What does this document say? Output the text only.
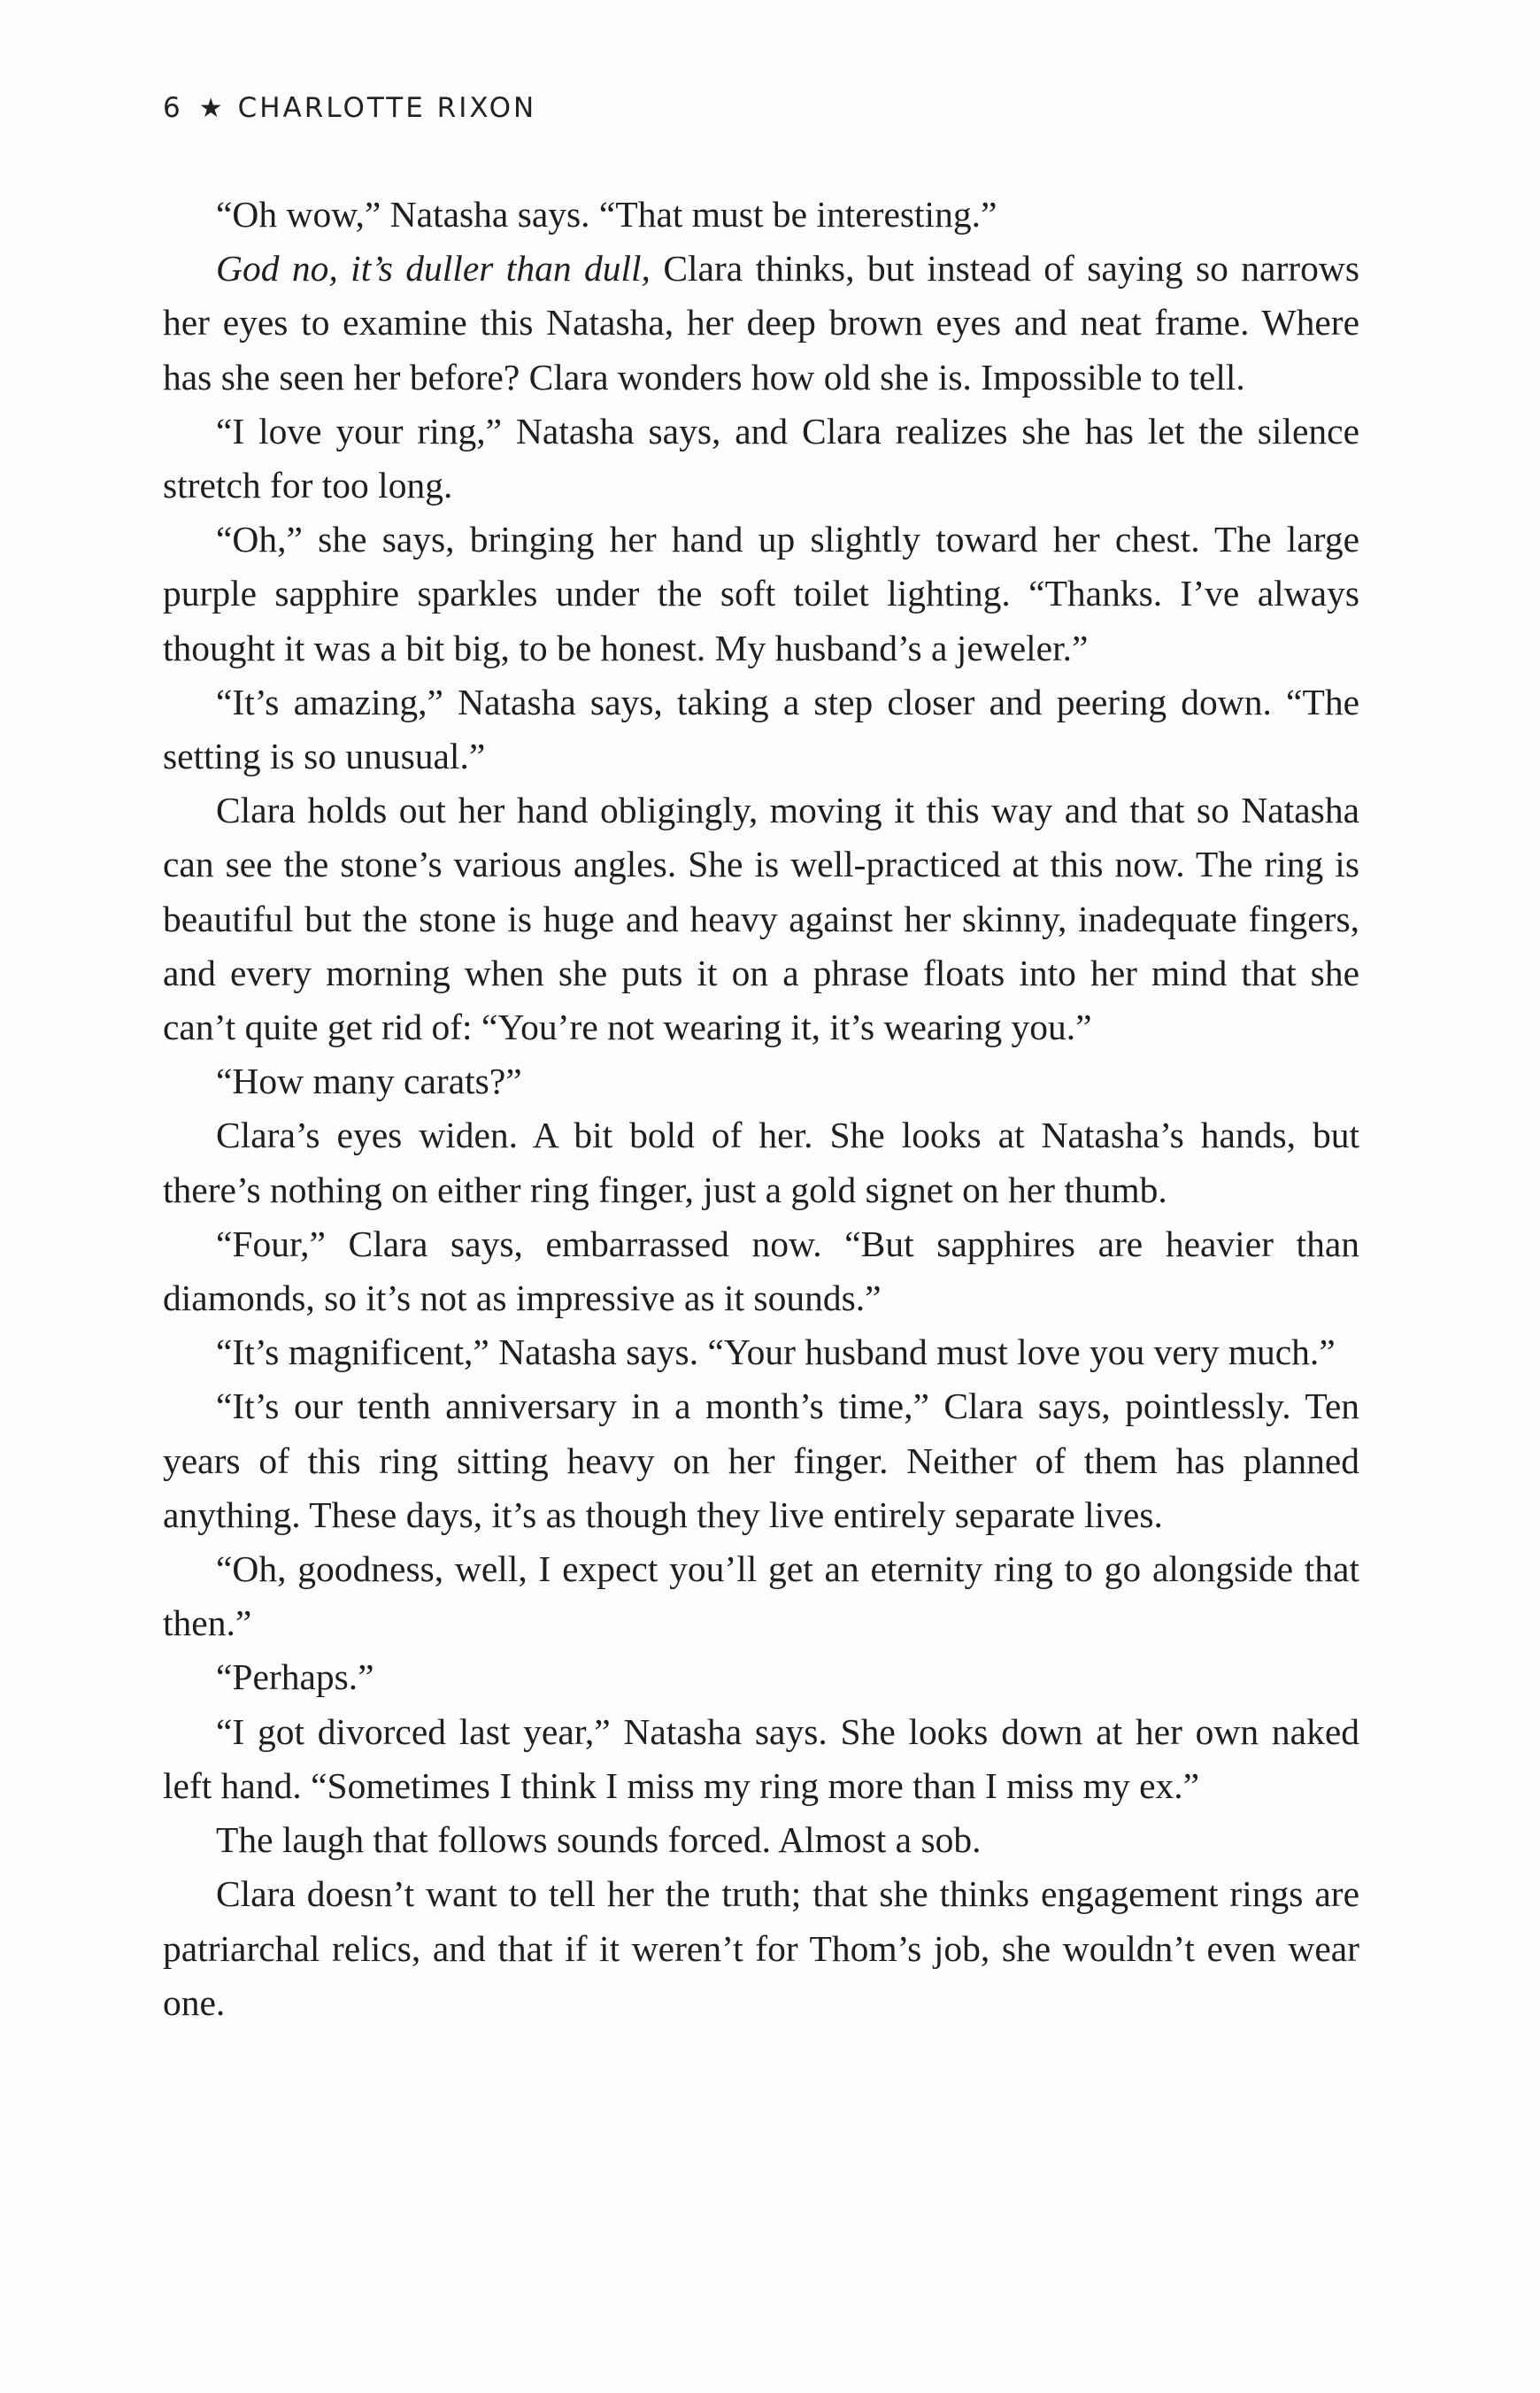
6 ★ CHARLOTTE RIXON

“Oh wow,” Natasha says. “That must be interesting.”

God no, it’s duller than dull, Clara thinks, but instead of saying so narrows her eyes to examine this Natasha, her deep brown eyes and neat frame. Where has she seen her before? Clara wonders how old she is. Impossible to tell.

“I love your ring,” Natasha says, and Clara realizes she has let the silence stretch for too long.

“Oh,” she says, bringing her hand up slightly toward her chest. The large purple sapphire sparkles under the soft toilet lighting. “Thanks. I’ve always thought it was a bit big, to be honest. My husband’s a jeweler.”

“It’s amazing,” Natasha says, taking a step closer and peering down. “The setting is so unusual.”

Clara holds out her hand obligingly, moving it this way and that so Natasha can see the stone’s various angles. She is well-practiced at this now. The ring is beautiful but the stone is huge and heavy against her skinny, inadequate fingers, and every morning when she puts it on a phrase floats into her mind that she can’t quite get rid of: “You’re not wearing it, it’s wearing you.”

“How many carats?”

Clara’s eyes widen. A bit bold of her. She looks at Natasha’s hands, but there’s nothing on either ring finger, just a gold signet on her thumb.

“Four,” Clara says, embarrassed now. “But sapphires are heavier than diamonds, so it’s not as impressive as it sounds.”

“It’s magnificent,” Natasha says. “Your husband must love you very much.”

“It’s our tenth anniversary in a month’s time,” Clara says, pointlessly. Ten years of this ring sitting heavy on her finger. Neither of them has planned anything. These days, it’s as though they live entirely separate lives.

“Oh, goodness, well, I expect you’ll get an eternity ring to go alongside that then.”

“Perhaps.”

“I got divorced last year,” Natasha says. She looks down at her own naked left hand. “Sometimes I think I miss my ring more than I miss my ex.”

The laugh that follows sounds forced. Almost a sob.

Clara doesn’t want to tell her the truth; that she thinks engagement rings are patriarchal relics, and that if it weren’t for Thom’s job, she wouldn’t even wear one.
